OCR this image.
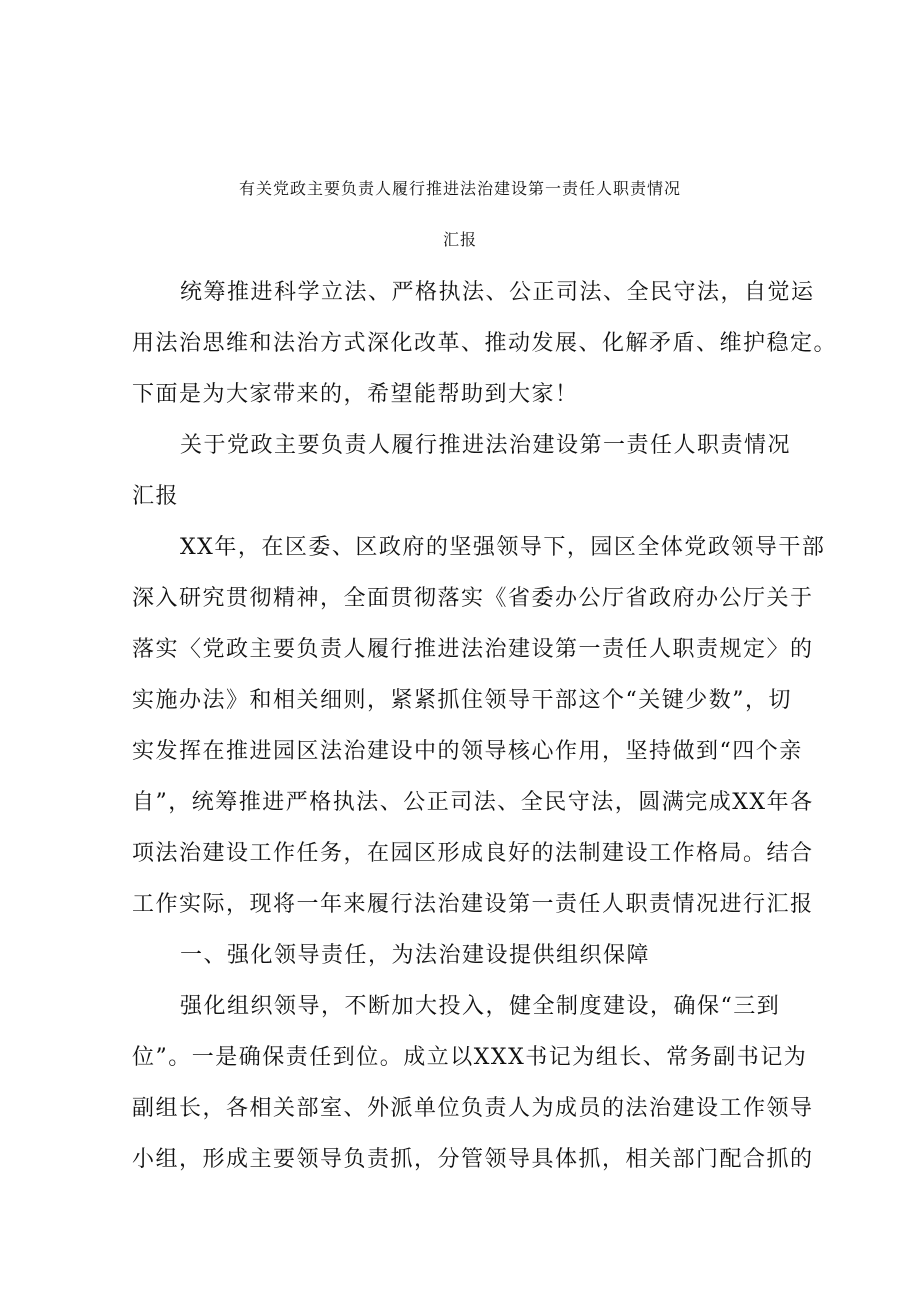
有关党政主要负责人履行推进法治建设第一责任人职责情况
汇报
统筹推进科学立法、严格执法、公正司法、全民守法，自觉运
用法治思维和法治方式深化改革、推动发展、化解矛盾、维护稳定。
下面是为大家带来的，希望能帮助到大家！
关于党政主要负责人履行推进法治建设第一责任人职责情况
汇报
XX年，在区委、区政府的坚强领导下，园区全体党政领导干部
深入研究贯彻精神，全面贯彻落实《省委办公厅省政府办公厅关于
落实〈党政主要负责人履行推进法治建设第一责任人职责规定〉的
实施办法》和相关细则，紧紧抓住领导干部这个“关键少数”，切
实发挥在推进园区法治建设中的领导核心作用，坚持做到“四个亲
自”，统筹推进严格执法、公正司法、全民守法，圆满完成XX年各
项法治建设工作任务，在园区形成良好的法制建设工作格局。结合
工作实际，现将一年来履行法治建设第一责任人职责情况进行汇报
一、强化领导责任，为法治建设提供组织保障
强化组织领导，不断加大投入，健全制度建设，确保“三到
位”。一是确保责任到位。成立以XXX书记为组长、常务副书记为
副组长，各相关部室、外派单位负责人为成员的法治建设工作领导
小组，形成主要领导负责抓，分管领导具体抓，相关部门配合抓的
